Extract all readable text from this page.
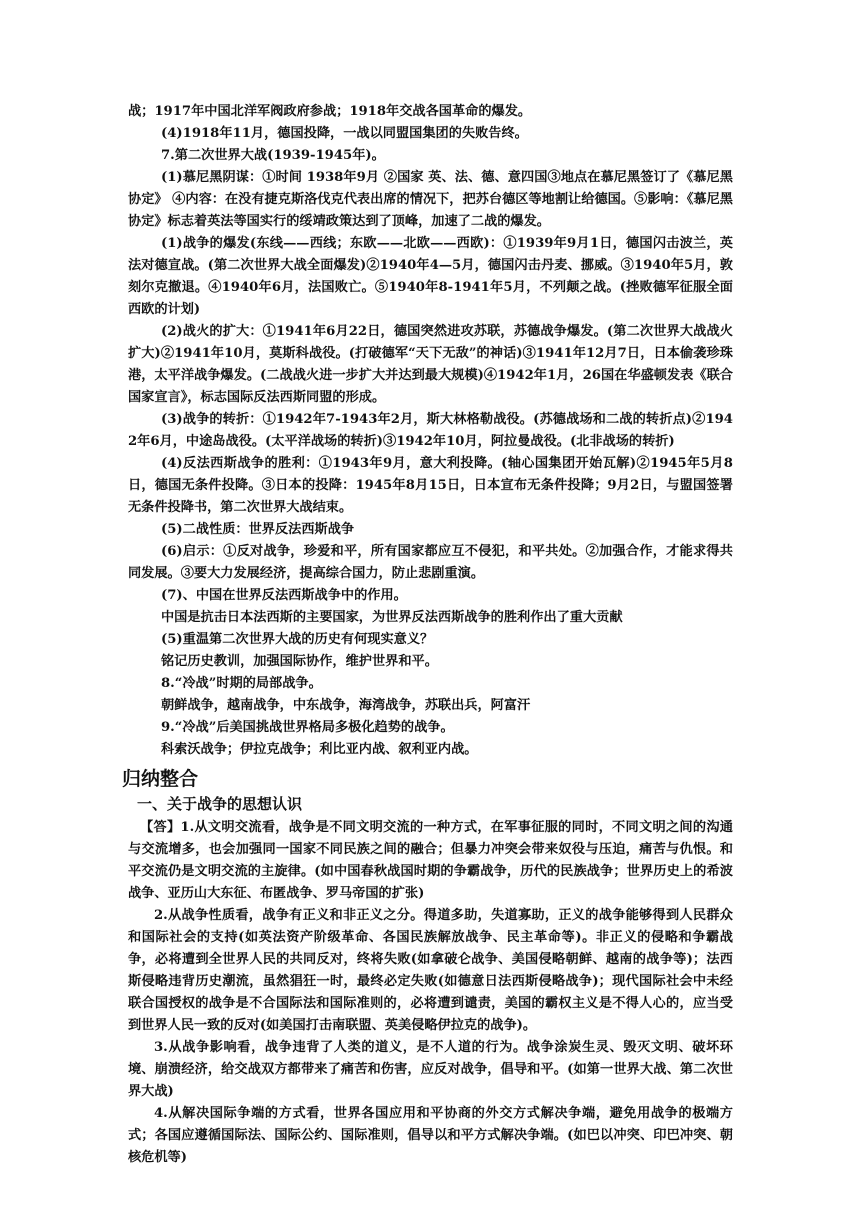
战；1917年中国北洋军阀政府参战；1918年交战各国革命的爆发。

(4)1918年11月，德国投降，一战以同盟国集团的失败告终。

7.第二次世界大战(1939-1945年)。

(1)慕尼黑阴谋：①时间 1938年9月 ②国家 英、法、德、意四国③地点在慕尼黑签订了《慕尼黑协定》 ④内容：在没有捷克斯洛伐克代表出席的情况下，把苏台德区等地割让给德国。⑤影响：《慕尼黑协定》标志着英法等国实行的绥靖政策达到了顶峰，加速了二战的爆发。

(1)战争的爆发(东线——西线；东欧——北欧——西欧)：①1939年9月1日，德国闪击波兰，英法对德宣战。(第二次世界大战全面爆发)②1940年4—5月，德国闪击丹麦、挪威。③1940年5月，敦刻尔克撤退。④1940年6月，法国败亡。⑤1940年8-1941年5月，不列颠之战。(挫败德军征服全面西欧的计划)

(2)战火的扩大：①1941年6月22日，德国突然进攻苏联，苏德战争爆发。(第二次世界大战战火扩大)②1941年10月，莫斯科战役。(打破德军“天下无敌”的神话)③1941年12月7日，日本偷袭珍珠港，太平洋战争爆发。(二战战火进一步扩大并达到最大规模)④1942年1月，26国在华盛顿发表《联合国家宣言》，标志国际反法西斯同盟的形成。

(3)战争的转折：①1942年7-1943年2月，斯大林格勒战役。(苏德战场和二战的转折点)②1942年6月，中途岛战役。(太平洋战场的转折)③1942年10月，阿拉曼战役。(北非战场的转折)

(4)反法西斯战争的胜利：①1943年9月，意大利投降。(轴心国集团开始瓦解)②1945年5月8日，德国无条件投降。③日本的投降：1945年8月15日，日本宣布无条件投降；9月2日，与盟国签署无条件投降书，第二次世界大战结束。

(5)二战性质：世界反法西斯战争

(6)启示：①反对战争，珍爱和平，所有国家都应互不侵犯，和平共处。②加强合作，才能求得共同发展。③要大力发展经济，提高综合国力，防止悲剧重演。

(7)、中国在世界反法西斯战争中的作用。

中国是抗击日本法西斯的主要国家，为世界反法西斯战争的胜利作出了重大贡献

(5)重温第二次世界大战的历史有何现实意义？

铭记历史教训，加强国际协作，维护世界和平。

8.“冷战”时期的局部战争。

朝鲜战争，越南战争，中东战争，海湾战争，苏联出兵，阿富汗

9.“冷战”后美国挑战世界格局多极化趋势的战争。

科索沃战争；伊拉克战争；利比亚内战、叙利亚内战。

归纳整合
一、关于战争的思想认识

【答】1.从文明交流看，战争是不同文明交流的一种方式，在军事征服的同时，不同文明之间的沟通与交流增多，也会加强同一国家不同民族之间的融合；但暴力冲突会带来奴役与压迫，痛苦与仇恨。和平交流仍是文明交流的主旋律。(如中国春秋战国时期的争霸战争，历代的民族战争；世界历史上的希波战争、亚历山大东征、布匿战争、罗马帝国的扩张)

2.从战争性质看，战争有正义和非正义之分。得道多助，失道寡助，正义的战争能够得到人民群众和国际社会的支持(如英法资产阶级革命、各国民族解放战争、民主革命等)。非正义的侵略和争霸战争，必将遭到全世界人民的共同反对，终将失败(如拿破仑战争、美国侵略朝鲜、越南的战争等)；法西斯侵略违背历史潮流，虽然猖狂一时，最终必定失败(如德意日法西斯侵略战争)；现代国际社会中未经联合国授权的战争是不合国际法和国际准则的，必将遭到谴责，美国的霸权主义是不得人心的，应当受到世界人民一致的反对(如美国打击南联盟、英美侵略伊拉克的战争)。

3.从战争影响看，战争违背了人类的道义，是不人道的行为。战争涂炭生灵、毁灭文明、破坏环境、崩溃经济，给交战双方都带来了痛苦和伤害，应反对战争，倡导和平。(如第一世界大战、第二次世界大战)

4.从解决国际争端的方式看，世界各国应用和平协商的外交方式解决争端，避免用战争的极端方式；各国应遵循国际法、国际公约、国际准则，倡导以和平方式解决争端。(如巴以冲突、印巴冲突、朝核危机等)
